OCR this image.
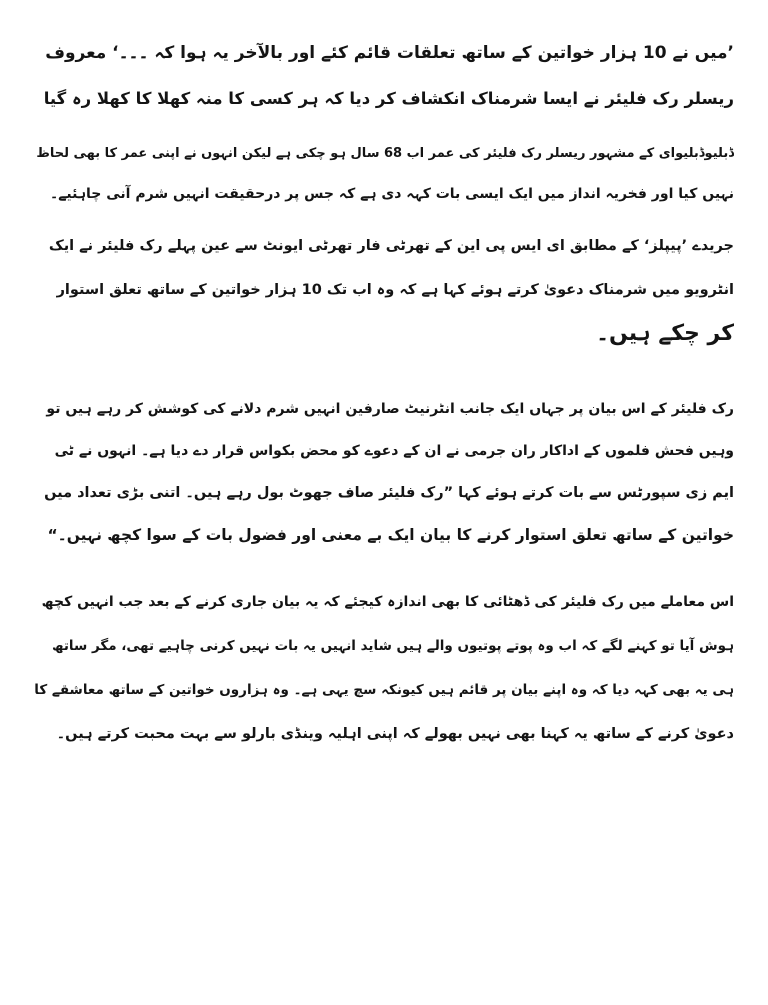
’میں نے 10 ہزار خواتین کے ساتھ تعلقات قائم کئے اور بالآخر یہ ہوا کہ ۔۔۔‘ معروف
ریسلر رک فلیئر نے ایسا شرمناک انکشاف کر دیا کہ ہر کسی کا منہ کھلا کا کھلا رہ گیا
ڈبلیوڈبلیوای کے مشہور ریسلر رک فلیئر کی عمر اب 68 سال ہو چکی ہے لیکن انہوں نے اپنی عمر کا بھی لحاظ
نہیں کیا اور فخریہ انداز میں ایک ایسی بات کہہ دی ہے کہ جس پر درحقیقت انہیں شرم آنی چاہئیے۔
جریدے ’پیپلز‘ کے مطابق ای ایس پی این کے تھرٹی فار تھرٹی ایونٹ سے عین پہلے رک فلیئر نے ایک
انٹرویو میں شرمناک دعویٰ کرتے ہوئے کہا ہے کہ وہ اب تک 10 ہزار خواتین کے ساتھ تعلق استوار
کر چکے ہیں۔
رک فلیئر کے اس بیان پر جہاں ایک جانب انٹرنیٹ صارفین انہیں شرم دلانے کی کوشش کر رہے ہیں تو
وہیں فحش فلموں کے اداکار ران جرمی نے ان کے دعوے کو محض بکواس قرار دے دیا ہے۔ انہوں نے ٹی
ایم زی سپورٹس سے بات کرتے ہوئے کہا ”رک فلیئر صاف جھوٹ بول رہے ہیں۔ اتنی بڑی تعداد میں
خواتین کے ساتھ تعلق استوار کرنے کا بیان ایک بے معنی اور فضول بات کے سوا کچھ نہیں۔“
اس معاملے میں رک فلیئر کی ڈھٹائی کا بھی اندازہ کیجئے کہ یہ بیان جاری کرنے کے بعد جب انہیں کچھ
ہوش آیا تو کہنے لگے کہ اب وہ پوتے پوتیوں والے ہیں شاید انہیں یہ بات نہیں کرنی چاہیے تھی، مگر ساتھ
ہی یہ بھی کہہ دیا کہ وہ اپنے بیان پر قائم ہیں کیونکہ سچ یہی ہے۔ وہ ہزاروں خواتین کے ساتھ معاشقے کا
دعویٰ کرنے کے ساتھ یہ کہنا بھی نہیں بھولے کہ اپنی اہلیہ وینڈی بارلو سے بہت محبت کرتے ہیں۔
